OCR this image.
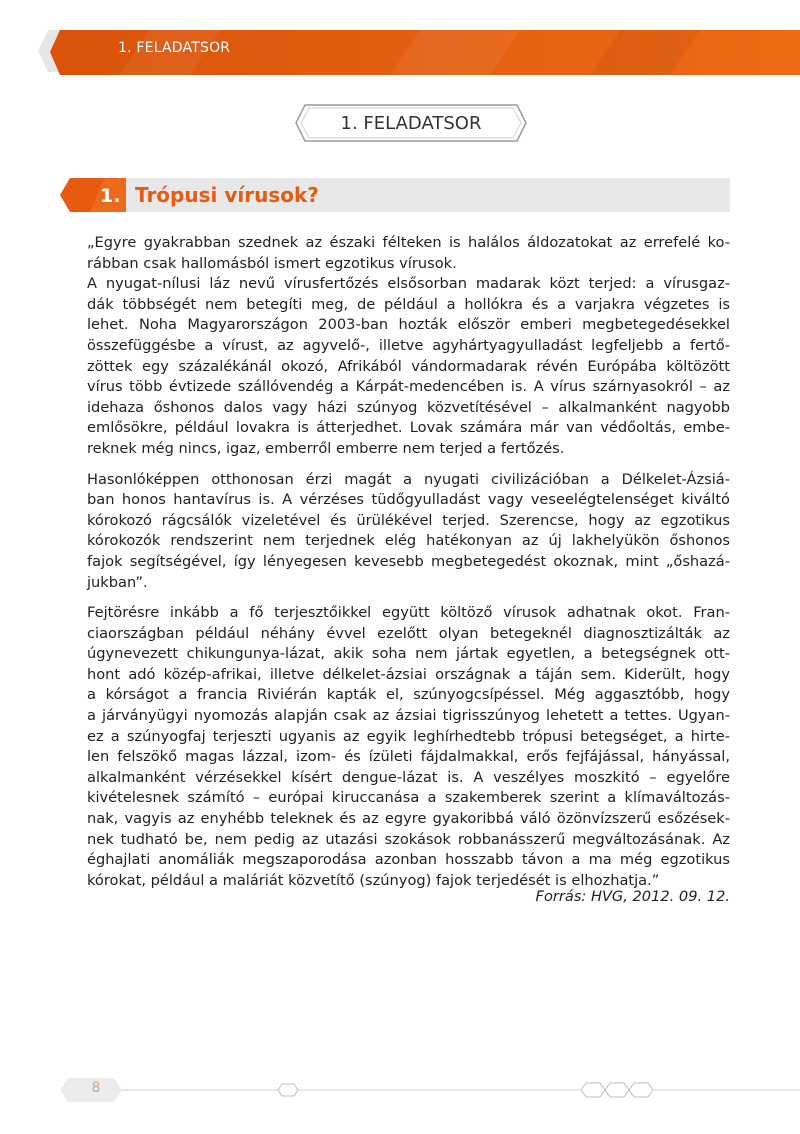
1. FELADATSOR
1. FELADATSOR
1. Trópusi vírusok?

„Egyre gyakrabban szednek az északi félteken is halálos áldozatokat az errefelé ko-
rábban csak hallomásból ismert egzotikus vírusok.
A nyugat-nílusi láz nevű vírusfertőzés elsősorban madarak közt terjed: a vírusgaz-
dák többségét nem betegíti meg, de például a hollókra és a varjakra végzetes is
lehet. Noha Magyarországon 2003-ban hozták először emberi megbetegedésekkel
összefüggésbe a vírust, az agyvelő-, illetve agyhártyagyulladást legfeljebb a fertő-
zöttek egy százalékánál okozó, Afrikából vándormadarak révén Európába költözött
vírus több évtizede szállóvendég a Kárpát-medencében is. A vírus szárnyasokról – az
idehaza őshonos dalos vagy házi szúnyog közvetítésével – alkalmanként nagyobb
emlősökre, például lovakra is átterjedhet. Lovak számára már van védőoltás, embe-
reknek még nincs, igaz, emberről emberre nem terjed a fertőzés.

Hasonlóképpen otthonosan érzi magát a nyugati civilizációban a Délkelet-Ázsiá-
ban honos hantavírus is. A vérzéses tüdőgyulladást vagy veseelégtelenséget kiváltó
kórokozó rágcsálók vizeletével és ürülékével terjed. Szerencse, hogy az egzotikus
kórokozók rendszerint nem terjednek elég hatékonyan az új lakhelyükön őshonos
fajok segítségével, így lényegesen kevesebb megbetegedést okoznak, mint „őshazá-
jukban”.

Fejtörésre inkább a fő terjesztőikkel együtt költöző vírusok adhatnak okot. Fran-
ciaországban például néhány évvel ezelőtt olyan betegeknél diagnosztizálták az
úgynevezett chikungunya-lázat, akik soha nem jártak egyetlen, a betegségnek ott-
hont adó közép-afrikai, illetve délkelet-ázsiai országnak a táján sem. Kiderült, hogy
a kórságot a francia Riviérán kapták el, szúnyogcsípéssel. Még aggasztóbb, hogy
a járványügyi nyomozás alapján csak az ázsiai tigrisszúnyog lehetett a tettes. Ugyan-
ez a szúnyogfaj terjeszti ugyanis az egyik leghírhedtebb trópusi betegséget, a hirte-
len felszökő magas lázzal, izom- és ízületi fájdalmakkal, erős fejfájással, hányással,
alkalmanként vérzésekkel kísért dengue-lázat is. A veszélyes moszkitó – egyelőre
kivételesnek számító – európai kiruccanása a szakemberek szerint a klímaváltozás-
nak, vagyis az enyhébb teleknek és az egyre gyakoribbá váló özönvízszerű esőzések-
nek tudható be, nem pedig az utazási szokások robbanásszerű megváltozásának. Az
éghajlati anomáliák megszaporodása azonban hosszabb távon a ma még egzotikus
kórokat, például a maláriát közvetítő (szúnyog) fajok terjedését is elhozhatja.”

Forrás: HVG, 2012. 09. 12.
8
